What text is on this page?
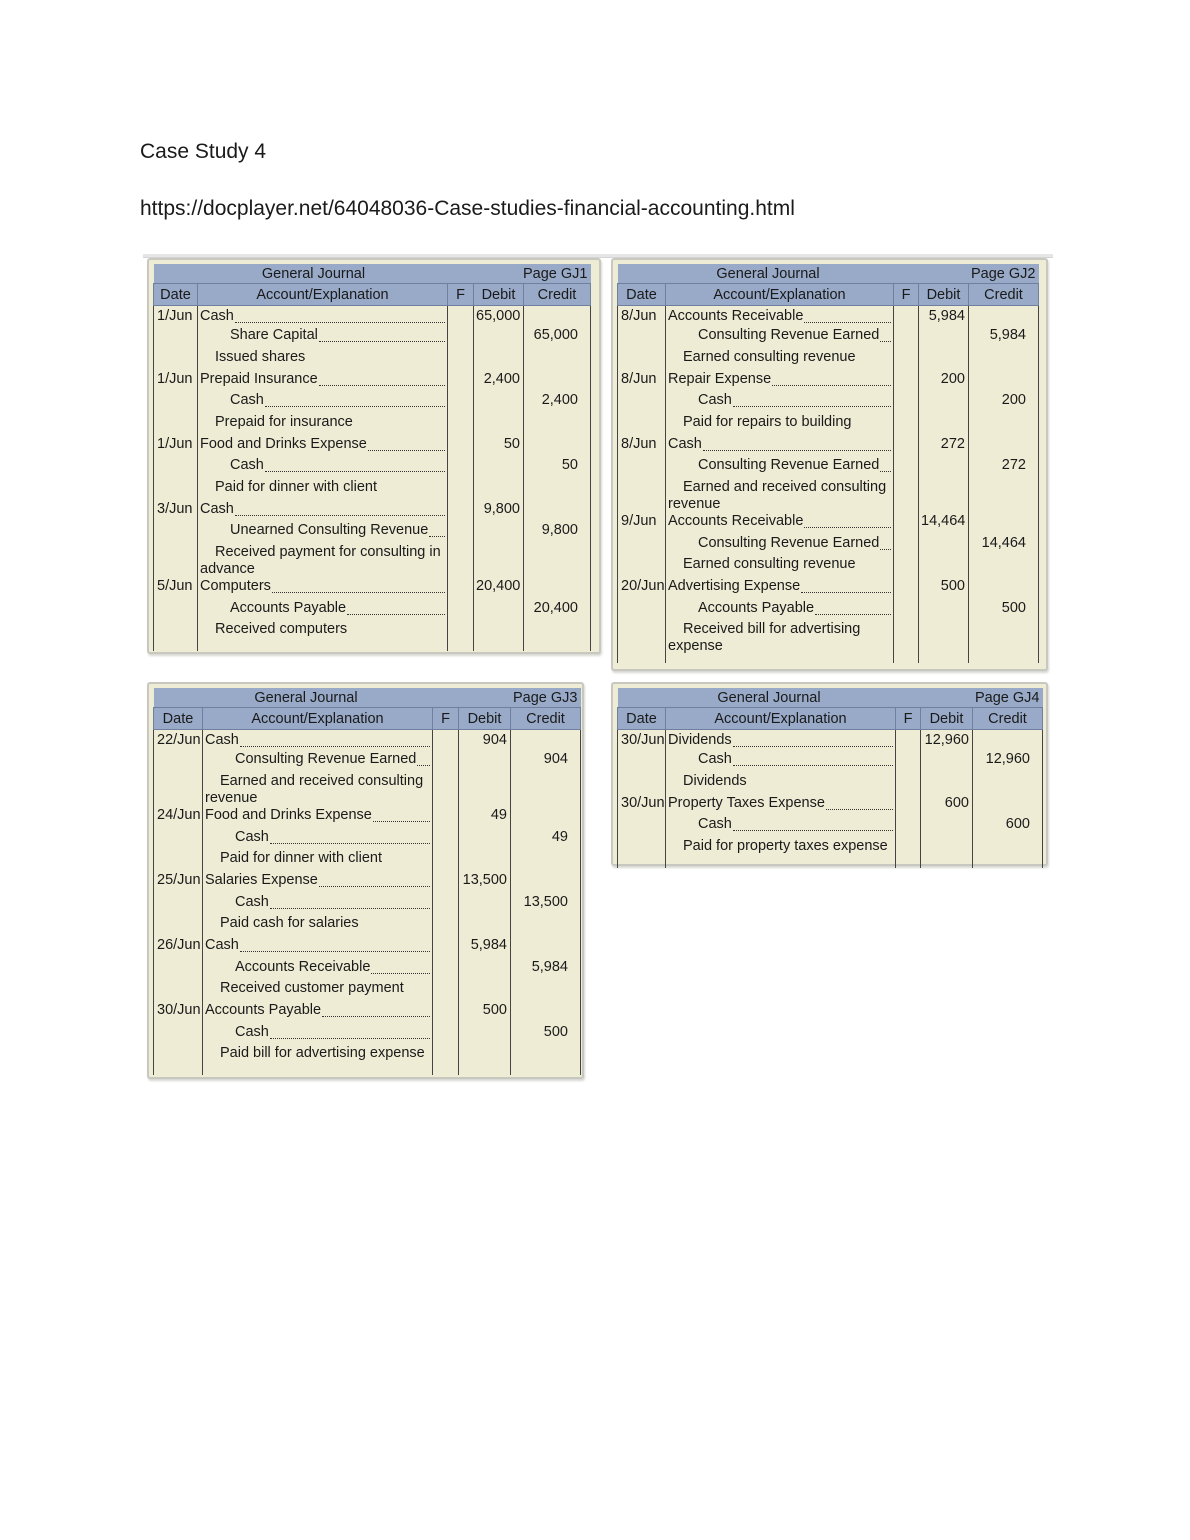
Case Study 4
https://docplayer.net/64048036-Case-studies-financial-accounting.html
General Journal			Page GJ1	
Date	Account/Explanation	F	Debit	Credit
1/Jun	Cash		65,000	

	Share Capital			65,000
	Issued shares			
1/Jun	Prepaid Insurance		2,400	

	Cash			2,400
	Prepaid for insurance			
1/Jun	Food and Drinks Expense		50	

	Cash			50
	Paid for dinner with client			
3/Jun	Cash		9,800	

	Unearned Consulting Revenue			9,800
	Received payment for consulting in advance			
5/Jun	Computers		20,400	

	Accounts Payable			20,400
	Received computers			

General Journal			Page GJ2	
Date	Account/Explanation	F	Debit	Credit
8/Jun	Accounts Receivable		5,984	

	Consulting Revenue Earned			5,984
	Earned consulting revenue			
8/Jun	Repair Expense		200	

	Cash			200
	Paid for repairs to building			
8/Jun	Cash		272	

	Consulting Revenue Earned			272
	Earned and received consulting revenue			
9/Jun	Accounts Receivable		14,464	

	Consulting Revenue Earned			14,464
	Earned consulting revenue			
20/Jun	Advertising Expense		500	

	Accounts Payable			500
	Received bill for advertising expense			

General Journal			Page GJ3	
Date	Account/Explanation	F	Debit	Credit
22/Jun	Cash		904	

	Consulting Revenue Earned			904
	Earned and received consulting revenue			
24/Jun	Food and Drinks Expense		49	

	Cash			49
	Paid for dinner with client			
25/Jun	Salaries Expense		13,500	

	Cash			13,500
	Paid cash for salaries			
26/Jun	Cash		5,984	

	Accounts Receivable			5,984
	Received customer payment			
30/Jun	Accounts Payable		500	

	Cash			500
	Paid bill for advertising expense			

General Journal			Page GJ4	
Date	Account/Explanation	F	Debit	Credit
30/Jun	Dividends		12,960	

	Cash			12,960
	Dividends			
30/Jun	Property Taxes Expense		600	

	Cash			600
	Paid for property taxes expense			
